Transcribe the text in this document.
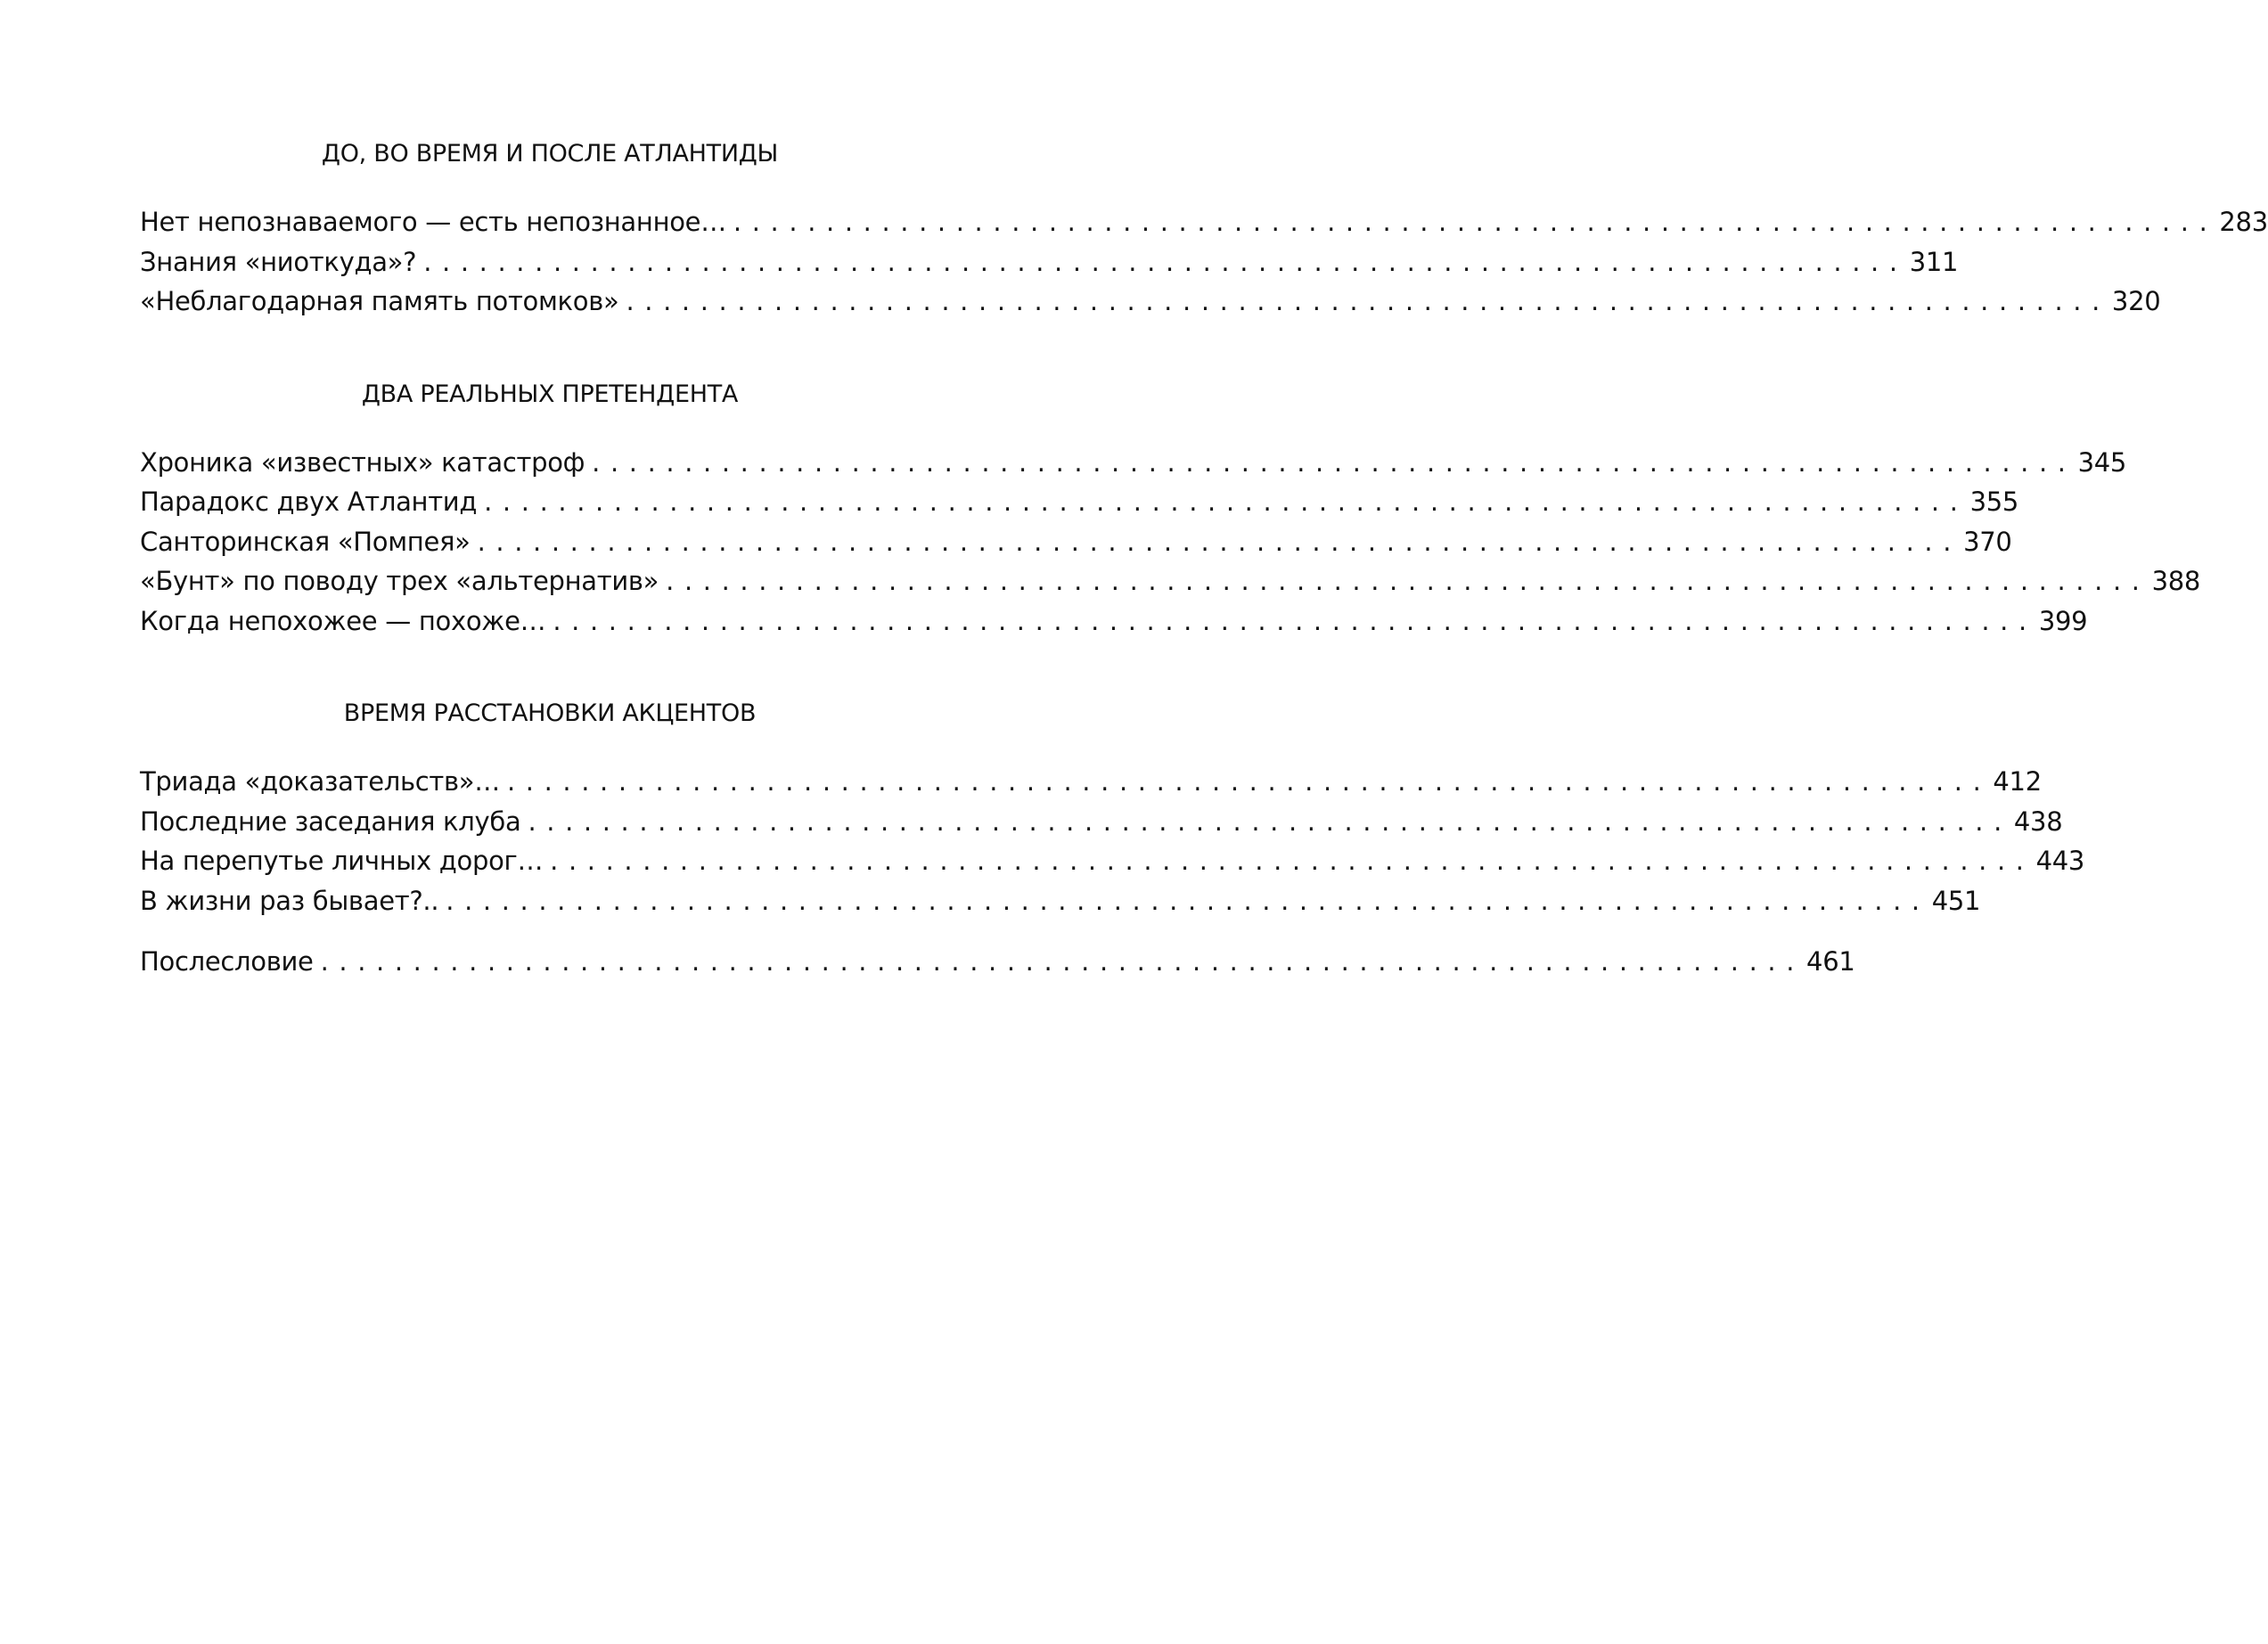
ДО, ВО ВРЕМЯ И ПОСЛЕ АТЛАНТИДЫ
Нет непознаваемого — есть непознанное… ................................................................................ 283
Знания «ниоткуда»? ................................................................................ 311
«Неблагодарная память потомков» ................................................................................ 320
ДВА РЕАЛЬНЫХ ПРЕТЕНДЕНТА
Хроника «известных» катастроф ................................................................................ 345
Парадокс двух Атлантид ................................................................................ 355
Санторинская «Помпея» ................................................................................ 370
«Бунт» по поводу трех «альтернатив» ................................................................................ 388
Когда непохожее — похоже… ................................................................................ 399
ВРЕМЯ РАССТАНОВКИ АКЦЕНТОВ
Триада «доказательств»… ................................................................................ 412
Последние заседания клуба ................................................................................ 438
На перепутье личных дорог… ................................................................................ 443
В жизни раз бывает?.. ................................................................................ 451
Послесловие ................................................................................ 461
